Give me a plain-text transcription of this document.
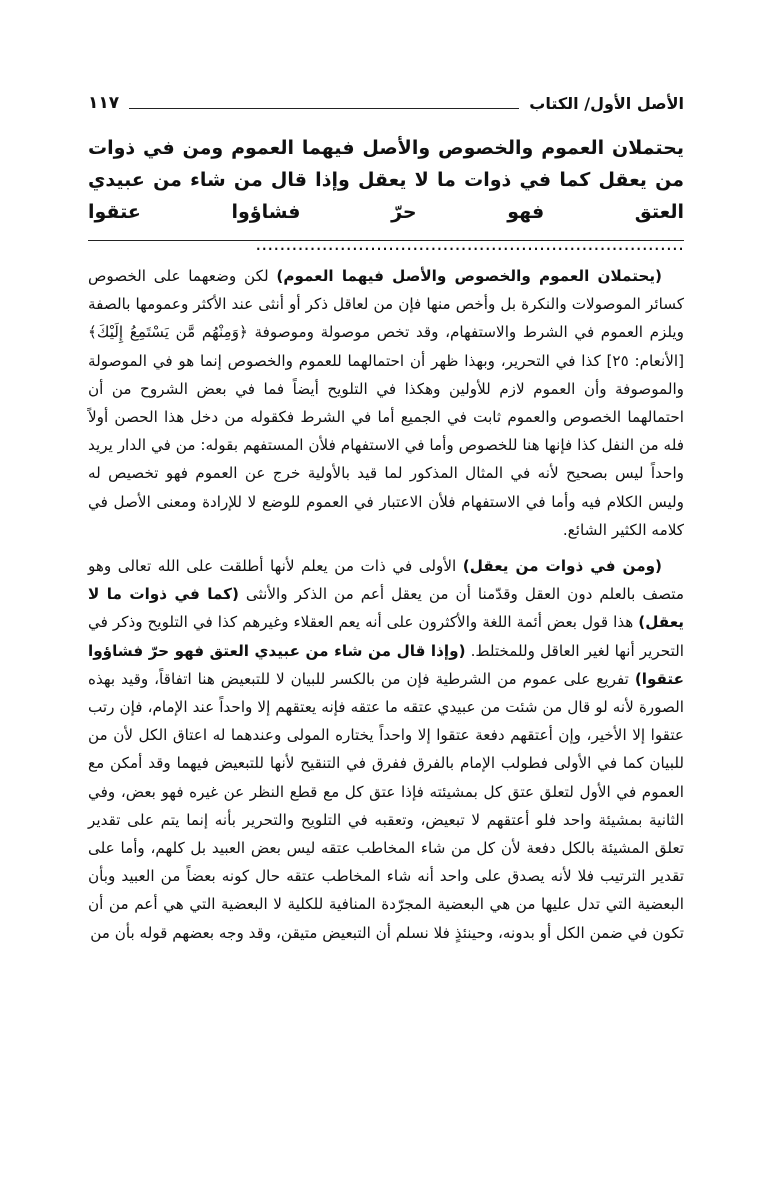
الأصل الأول/ الكتاب
١١٧
يحتملان العموم والخصوص والأصل فيهما العموم ومن في ذوات من يعقل كما في ذوات ما لا يعقل وإذا قال من شاء من عبيدي العتق فهو حرّ فشاؤوا عتقوا .......................................................................

(يحتملان العموم والخصوص والأصل فيهما العموم) لكن وضعهما على الخصوص كسائر الموصولات والنكرة بل وأخص منها فإن من لعاقل ذكر أو أنثى عند الأكثر وعمومها بالصفة ويلزم العموم في الشرط والاستفهام، وقد تخص موصولة وموصوفة ﴿وَمِنْهُم مَّن يَسْتَمِعُ إِلَيْكَ﴾ [الأنعام: ٢٥] كذا في التحرير، وبهذا ظهر أن احتمالهما للعموم والخصوص إنما هو في الموصولة والموصوفة وأن العموم لازم للأولين وهكذا في التلويح أيضاً فما في بعض الشروح من أن احتمالهما الخصوص والعموم ثابت في الجميع أما في الشرط فكقوله من دخل هذا الحصن أولاً فله من النفل كذا فإنها هنا للخصوص وأما في الاستفهام فلأن المستفهم بقوله: من في الدار يريد واحداً ليس بصحيح لأنه في المثال المذكور لما قيد بالأولية خرج عن العموم فهو تخصيص له وليس الكلام فيه وأما في الاستفهام فلأن الاعتبار في العموم للوضع لا للإرادة ومعنى الأصل في كلامه الكثير الشائع.

(ومن في ذوات من يعقل) الأولى في ذات من يعلم لأنها أطلقت على الله تعالى وهو متصف بالعلم دون العقل وقدّمنا أن من يعقل أعم من الذكر والأنثى (كما في ذوات ما لا يعقل) هذا قول بعض أئمة اللغة والأكثرون على أنه يعم العقلاء وغيرهم كذا في التلويح وذكر في التحرير أنها لغير العاقل وللمختلط. (وإذا قال من شاء من عبيدي العتق فهو حرّ فشاؤوا عتقوا) تفريع على عموم من الشرطية فإن من بالكسر للبيان لا للتبعيض هنا اتفاقاً، وقيد بهذه الصورة لأنه لو قال من شئت من عبيدي عتقه ما عتقه فإنه يعتقهم إلا واحداً عند الإمام، فإن رتب عتقوا إلا الأخير، وإن أعتقهم دفعة عتقوا إلا واحداً يختاره المولى وعندهما له اعتاق الكل لأن من للبيان كما في الأولى فطولب الإمام بالفرق ففرق في التنقيح لأنها للتبعيض فيهما وقد أمكن مع العموم في الأول لتعلق عتق كل بمشيئته فإذا عتق كل مع قطع النظر عن غيره فهو بعض، وفي الثانية بمشيئة واحد فلو أعتقهم لا تبعيض، وتعقبه في التلويح والتحرير بأنه إنما يتم على تقدير تعلق المشيئة بالكل دفعة لأن كل من شاء المخاطب عتقه ليس بعض العبيد بل كلهم، وأما على تقدير الترتيب فلا لأنه يصدق على واحد أنه شاء المخاطب عتقه حال كونه بعضاً من العبيد وبأن البعضية التي تدل عليها من هي البعضية المجرّدة المنافية للكلية لا البعضية التي هي أعم من أن تكون في ضمن الكل أو بدونه، وحينئذٍ فلا نسلم أن التبعيض متيقن، وقد وجه بعضهم قوله بأن من
